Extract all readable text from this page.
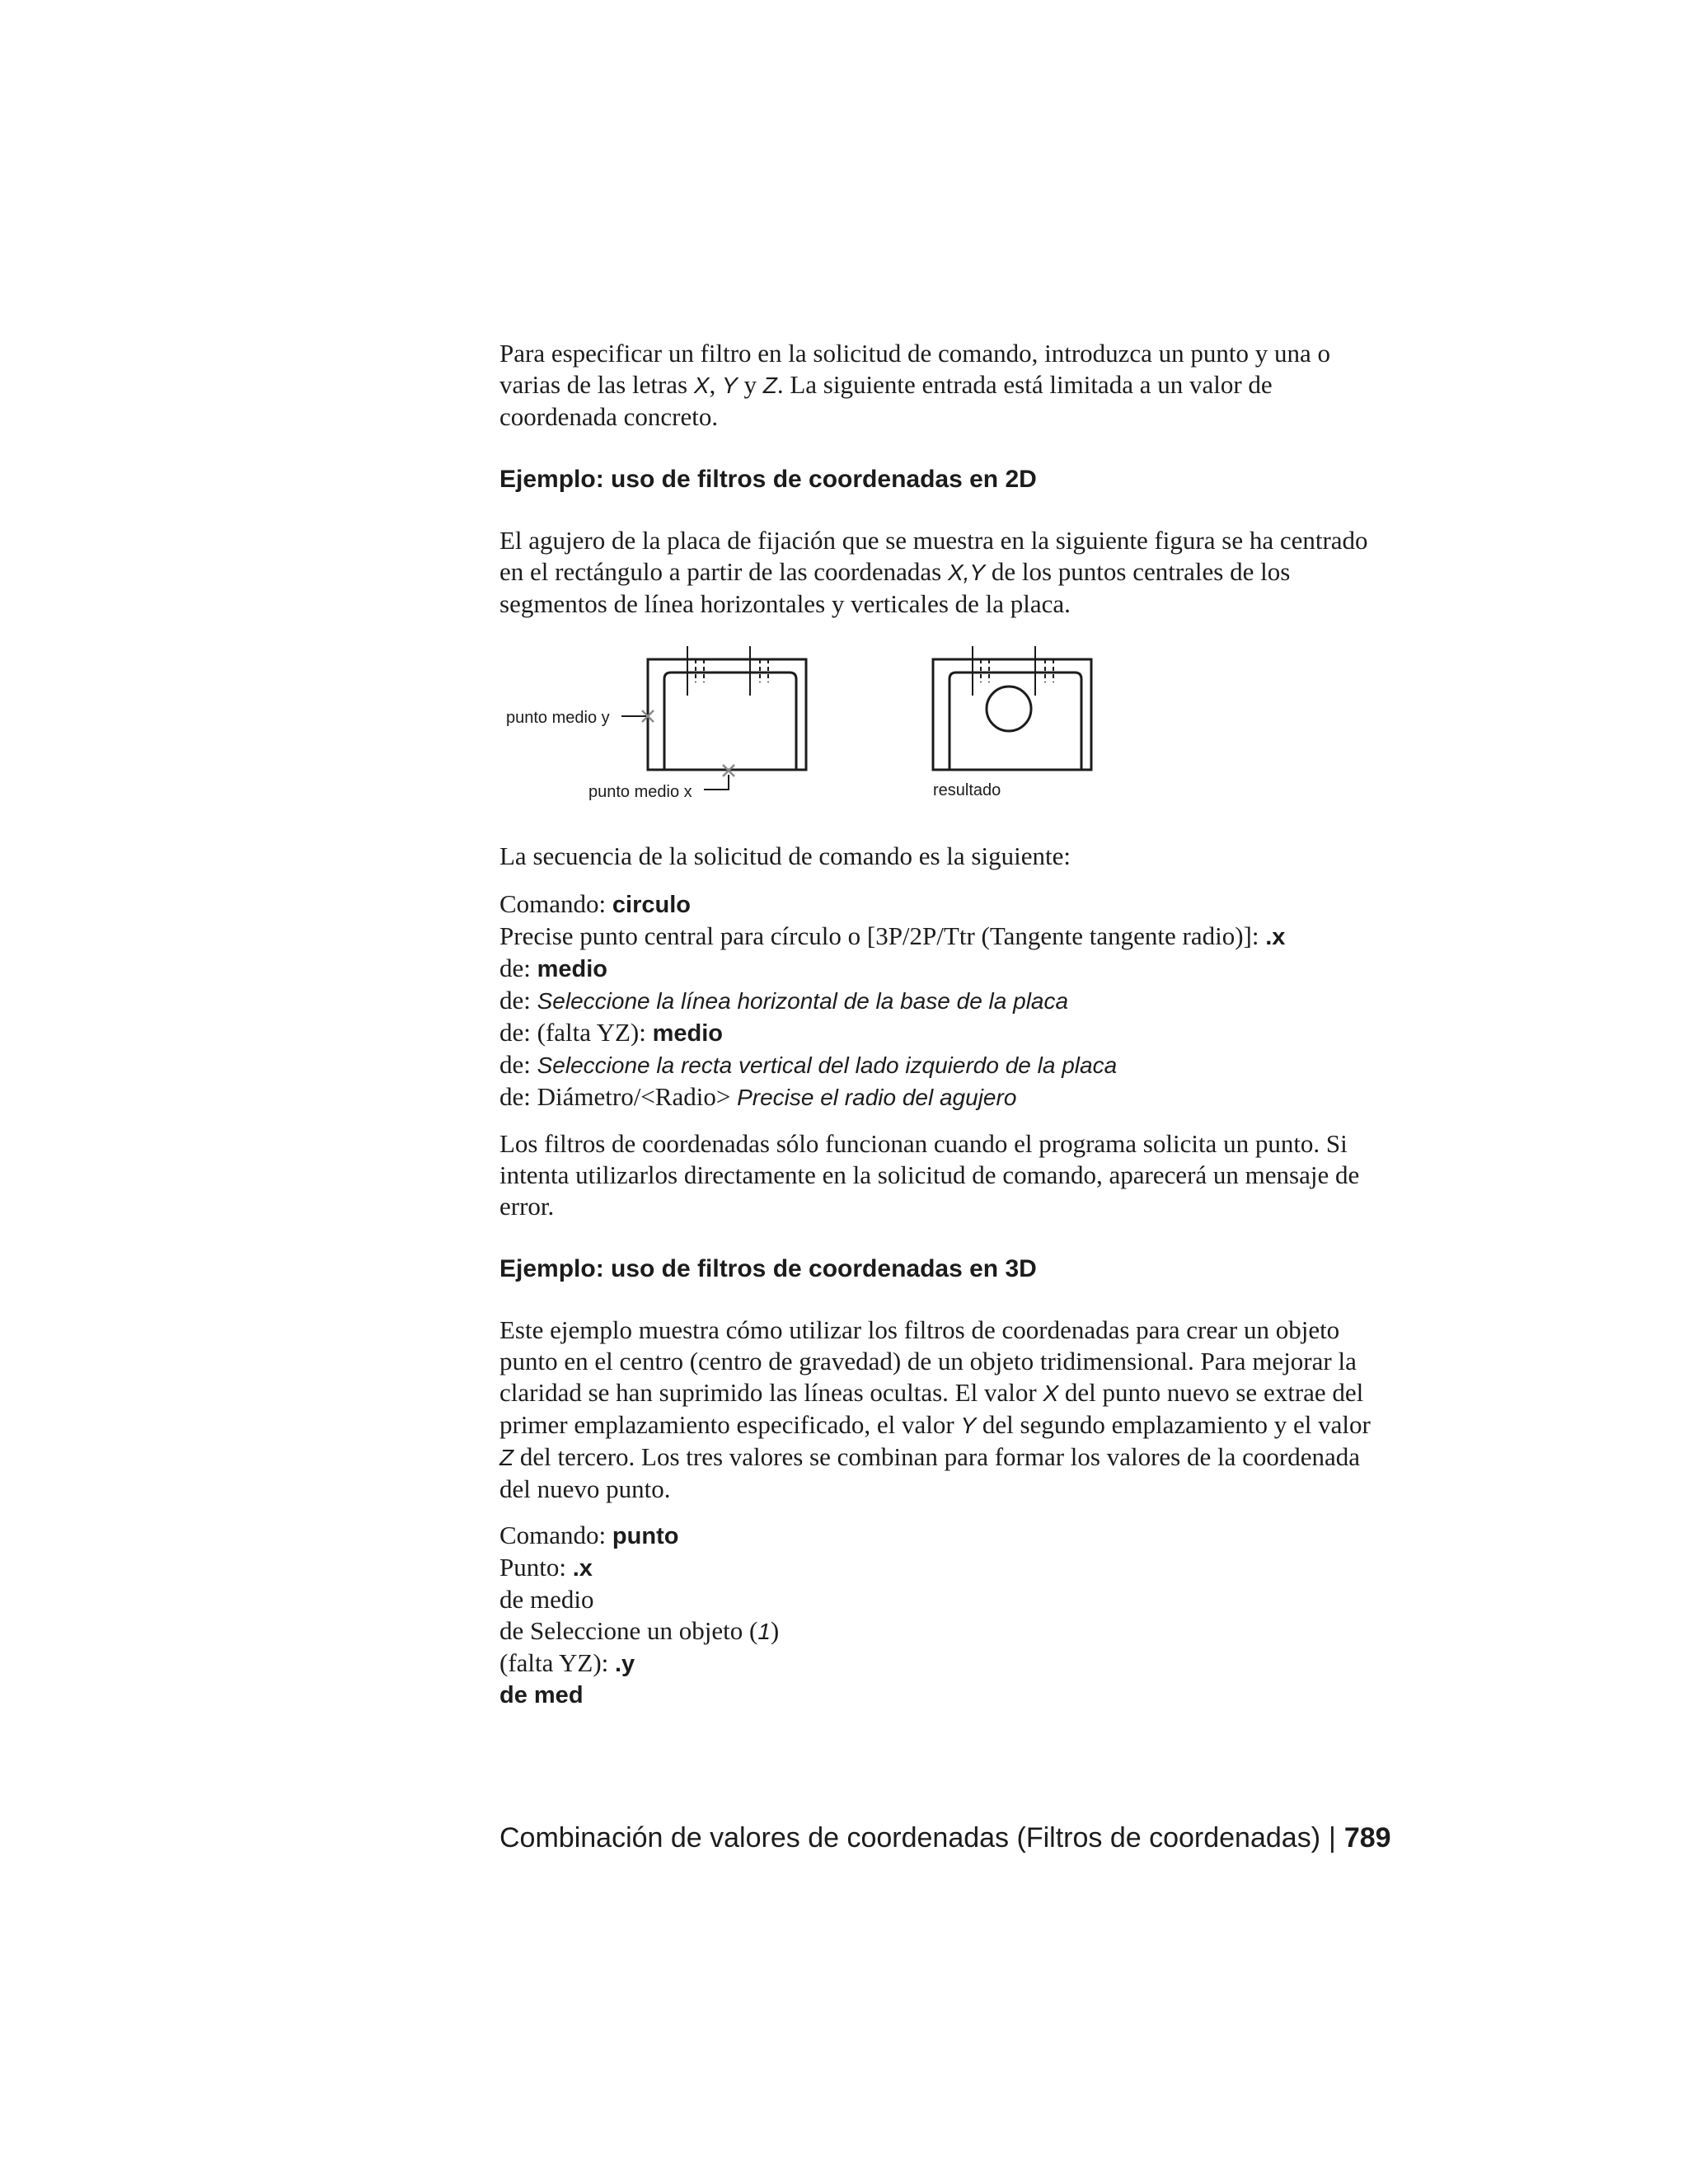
Para especificar un filtro en la solicitud de comando, introduzca un punto y una o varias de las letras X, Y y Z. La siguiente entrada está limitada a un valor de coordenada concreto.

Ejemplo: uso de filtros de coordenadas en 2D

El agujero de la placa de fijación que se muestra en la siguiente figura se ha centrado en el rectángulo a partir de las coordenadas X,Y de los puntos centrales de los segmentos de línea horizontales y verticales de la placa.

punto medio y
punto medio x	resultado

La secuencia de la solicitud de comando es la siguiente:

Comando: circulo

Precise punto central para círculo o [3P/2P/Ttr (Tangente tangente radio)]: .x

de: medio

de: Seleccione la línea horizontal de la base de la placa

de: (falta YZ): medio

de: Seleccione la recta vertical del lado izquierdo de la placa

de: Diámetro/<Radio> Precise el radio del agujero

Los filtros de coordenadas sólo funcionan cuando el programa solicita un punto. Si intenta utilizarlos directamente en la solicitud de comando, aparecerá un mensaje de error.

Ejemplo: uso de filtros de coordenadas en 3D

Este ejemplo muestra cómo utilizar los filtros de coordenadas para crear un objeto punto en el centro (centro de gravedad) de un objeto tridimensional. Para mejorar la claridad se han suprimido las líneas ocultas. El valor X del punto nuevo se extrae del primer emplazamiento especificado, el valor Y del segundo emplazamiento y el valor Z del tercero. Los tres valores se combinan para formar los valores de la coordenada del nuevo punto.

Comando: punto

Punto: .x

de medio

de Seleccione un objeto (1)

(falta YZ): .y

de med

Combinación de valores de coordenadas (Filtros de coordenadas) | 789
